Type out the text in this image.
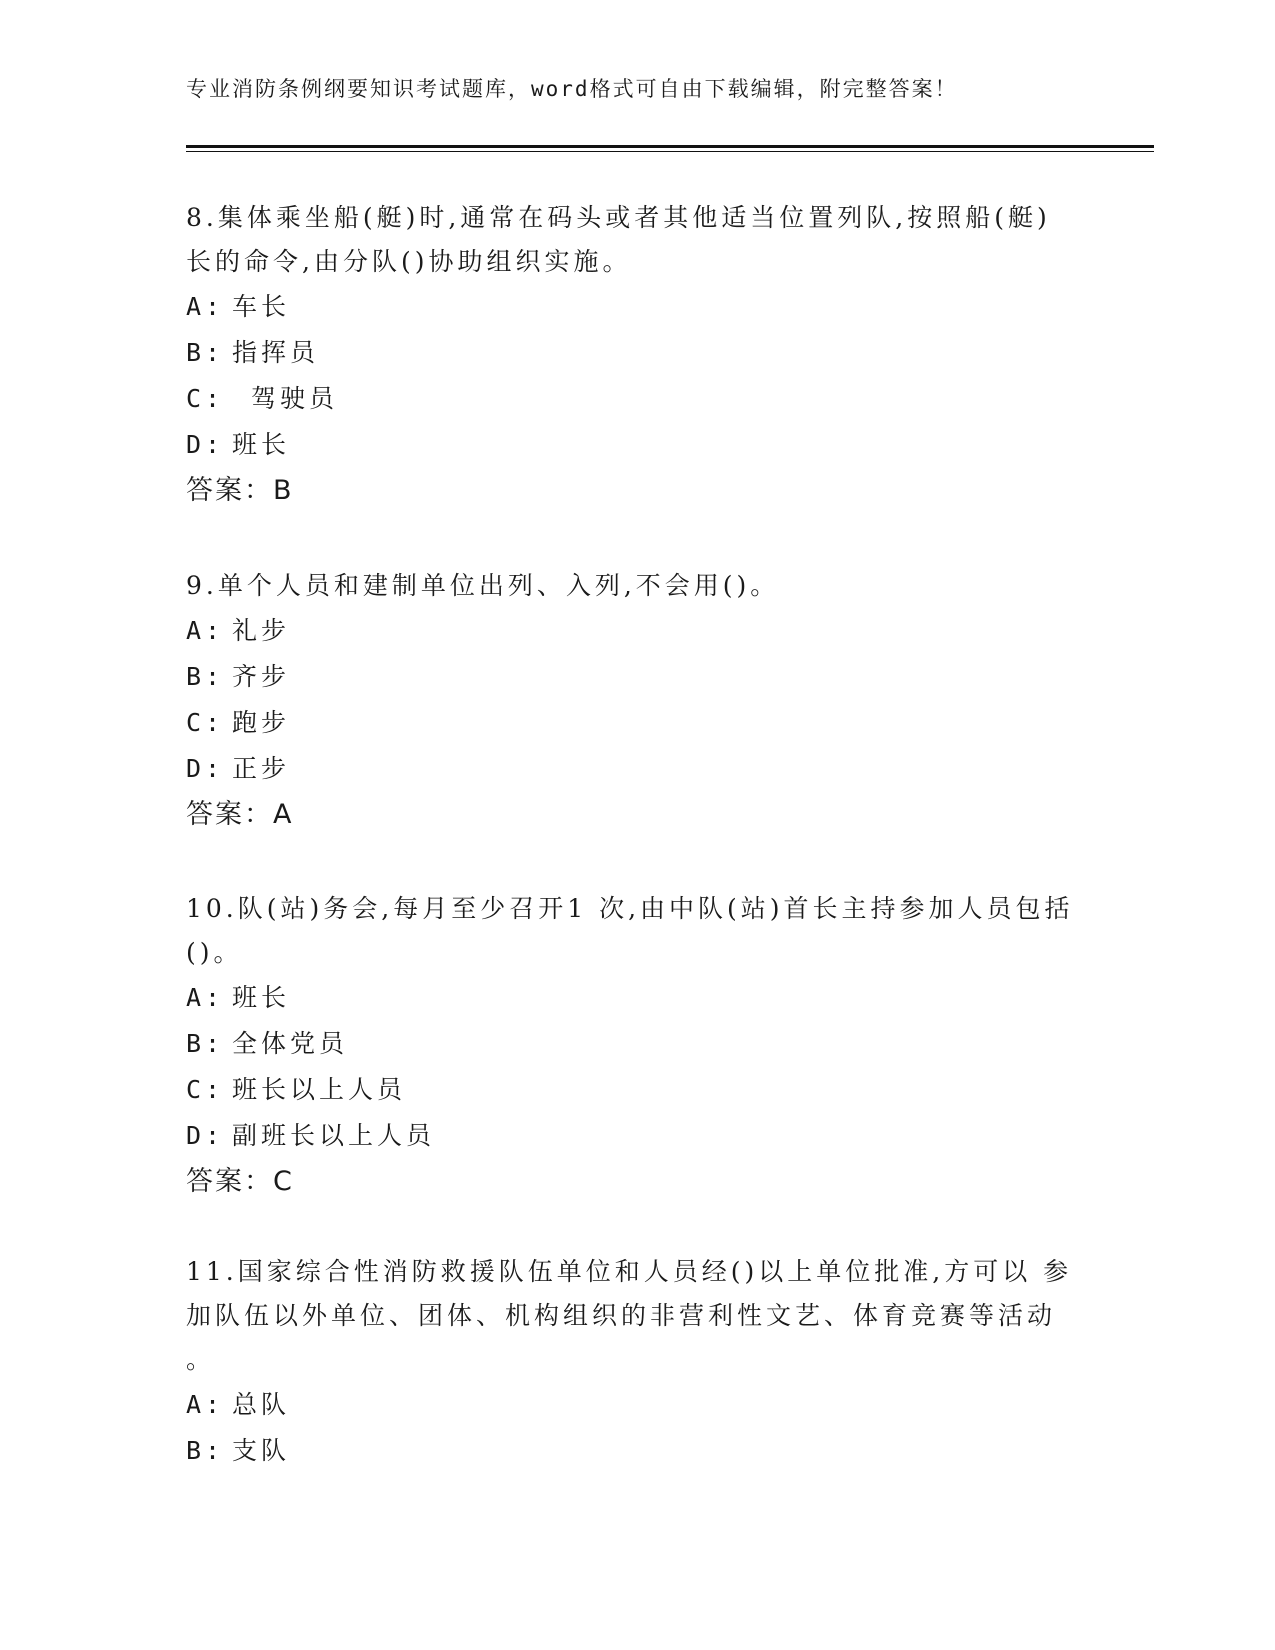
专业消防条例纲要知识考试题库，word格式可自由下载编辑，附完整答案！
8.集体乘坐船(艇)时,通常在码头或者其他适当位置列队,按照船(艇)
长的命令,由分队()协助组织实施。
A: 车长
B: 指挥员
C: 驾驶员
D: 班长
答案：B
9.单个人员和建制单位出列、入列,不会用()。
A: 礼步
B: 齐步
C: 跑步
D: 正步
答案：A
10.队(站)务会,每月至少召开1 次,由中队(站)首长主持参加人员包括
()。
A: 班长
B: 全体党员
C: 班长以上人员
D: 副班长以上人员
答案：C
11.国家综合性消防救援队伍单位和人员经()以上单位批准,方可以 参
加队伍以外单位、团体、机构组织的非营利性文艺、体育竞赛等活动
。
A: 总队
B: 支队
